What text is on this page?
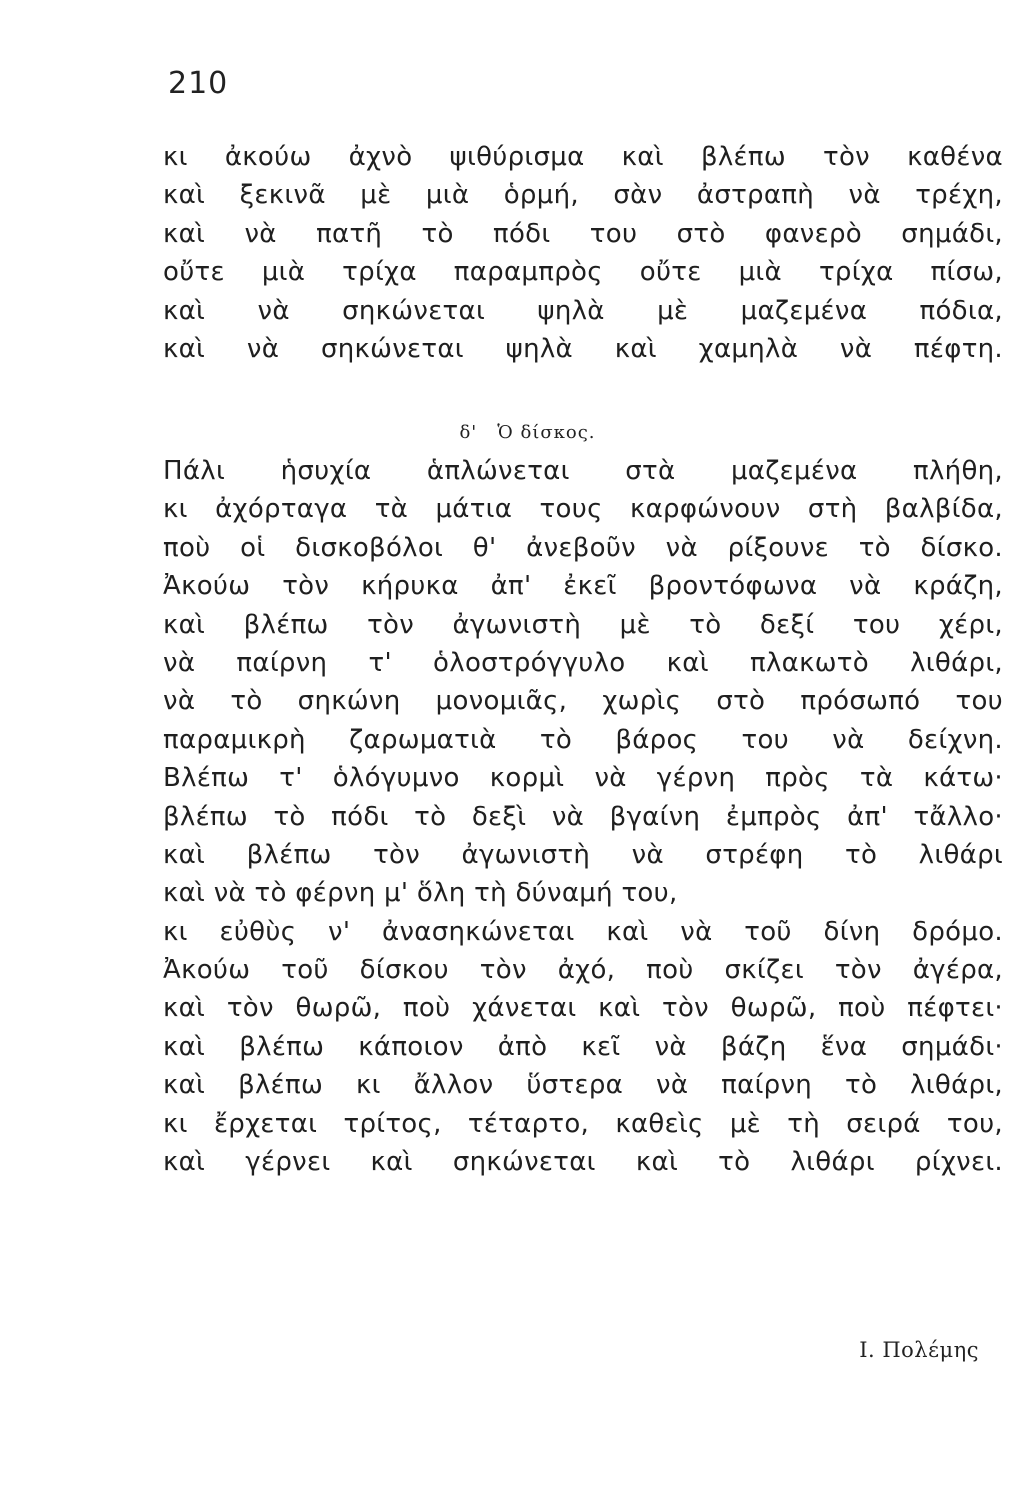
210
κι ἀκούω ἀχνὸ ψιθύρισμα καὶ βλέπω τὸν καθένα
καὶ ξεκινᾶ μὲ μιὰ ὁρμή, σὰν ἀστραπὴ νὰ τρέχη,
καὶ νὰ πατῆ τὸ πόδι του στὸ φανερὸ σημάδι,
οὔτε μιὰ τρίχα παραμπρὸς οὔτε μιὰ τρίχα πίσω,
καὶ νὰ σηκώνεται ψηλὰ μὲ μαζεμένα πόδια,
καὶ νὰ σηκώνεται ψηλὰ καὶ χαμηλὰ νὰ πέφτη.
δ' Ὁ δίσκος.
Πάλι ἡσυχία ἁπλώνεται στὰ μαζεμένα πλήθη,
κι ἀχόρταγα τὰ μάτια τους καρφώνουν στὴ βαλβίδα,
ποὺ οἱ δισκοβόλοι θ' ἀνεβοῦν νὰ ρίξουνε τὸ δίσκο.
Ἀκούω τὸν κήρυκα ἀπ' ἐκεῖ βροντόφωνα νὰ κράζη,
καὶ βλέπω τὸν ἀγωνιστὴ μὲ τὸ δεξί του χέρι,
νὰ παίρνη τ' ὁλοστρόγγυλο καὶ πλακωτὸ λιθάρι,
νὰ τὸ σηκώνη μονομιᾶς, χωρὶς στὸ πρόσωπό του
παραμικρὴ ζαρωματιὰ τὸ βάρος του νὰ δείχνη.
Βλέπω τ' ὁλόγυμνο κορμὶ νὰ γέρνη πρὸς τὰ κάτω·
βλέπω τὸ πόδι τὸ δεξὶ νὰ βγαίνη ἐμπρὸς ἀπ' τἄλλο·
καὶ βλέπω τὸν ἀγωνιστὴ νὰ στρέφη τὸ λιθάρι
καὶ νὰ τὸ φέρνη μ' ὅλη τὴ δύναμή του,
κι εὐθὺς ν' ἀνασηκώνεται καὶ νὰ τοῦ δίνη δρόμο.
Ἀκούω τοῦ δίσκου τὸν ἀχό, ποὺ σκίζει τὸν ἀγέρα,
καὶ τὸν θωρῶ, ποὺ χάνεται καὶ τὸν θωρῶ, ποὺ πέφτει·
καὶ βλέπω κάποιον ἀπὸ κεῖ νὰ βάζη ἕνα σημάδι·
καὶ βλέπω κι ἄλλον ὕστερα νὰ παίρνη τὸ λιθάρι,
κι ἔρχεται τρίτος, τέταρτο, καθεὶς μὲ τὴ σειρά του,
καὶ γέρνει καὶ σηκώνεται καὶ τὸ λιθάρι ρίχνει.
Ι. Πολέμης
